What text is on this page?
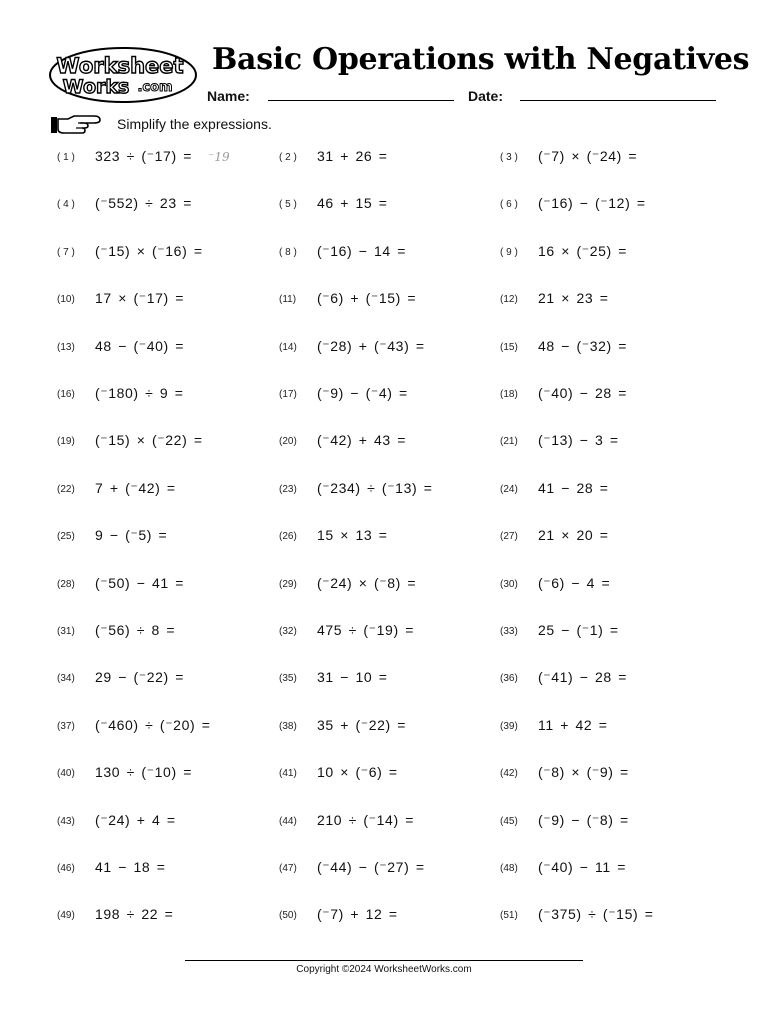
Worksheet
Works .com
Basic Operations with Negatives
Name:	Date:
Simplify the expressions.
( 1 ) 323 ÷ (⁻17) =	( 2 ) 31 + 26 =	( 3 ) (⁻7) × (⁻24) =
( 4 ) (⁻552) ÷ 23 =	( 5 ) 46 + 15 =	( 6 ) (⁻16) − (⁻12) =
( 7 ) (⁻15) × (⁻16) =	( 8 ) (⁻16) − 14 =	( 9 ) 16 × (⁻25) =
(10) 17 × (⁻17) =	(11) (⁻6) + (⁻15) =	(12) 21 × 23 =
(13) 48 − (⁻40) =	(14) (⁻28) + (⁻43) =	(15) 48 − (⁻32) =
(16) (⁻180) ÷ 9 =	(17) (⁻9) − (⁻4) =	(18) (⁻40) − 28 =
(19) (⁻15) × (⁻22) =	(20) (⁻42) + 43 =	(21) (⁻13) − 3 =
(22) 7 + (⁻42) =	(23) (⁻234) ÷ (⁻13) =	(24) 41 − 28 =
(25) 9 − (⁻5) =	(26) 15 × 13 =	(27) 21 × 20 =
(28) (⁻50) − 41 =	(29) (⁻24) × (⁻8) =	(30) (⁻6) − 4 =
(31) (⁻56) ÷ 8 =	(32) 475 ÷ (⁻19) =	(33) 25 − (⁻1) =
(34) 29 − (⁻22) =	(35) 31 − 10 =	(36) (⁻41) − 28 =
(37) (⁻460) ÷ (⁻20) =	(38) 35 + (⁻22) =	(39) 11 + 42 =
(40) 130 ÷ (⁻10) =	(41) 10 × (⁻6) =	(42) (⁻8) × (⁻9) =
(43) (⁻24) + 4 =	(44) 210 ÷ (⁻14) =	(45) (⁻9) − (⁻8) =
(46) 41 − 18 =	(47) (⁻44) − (⁻27) =	(48) (⁻40) − 11 =
(49) 198 ÷ 22 =	(50) (⁻7) + 12 =	(51) (⁻375) ÷ (⁻15) =
⁻19
Copyright ©2024 WorksheetWorks.com
